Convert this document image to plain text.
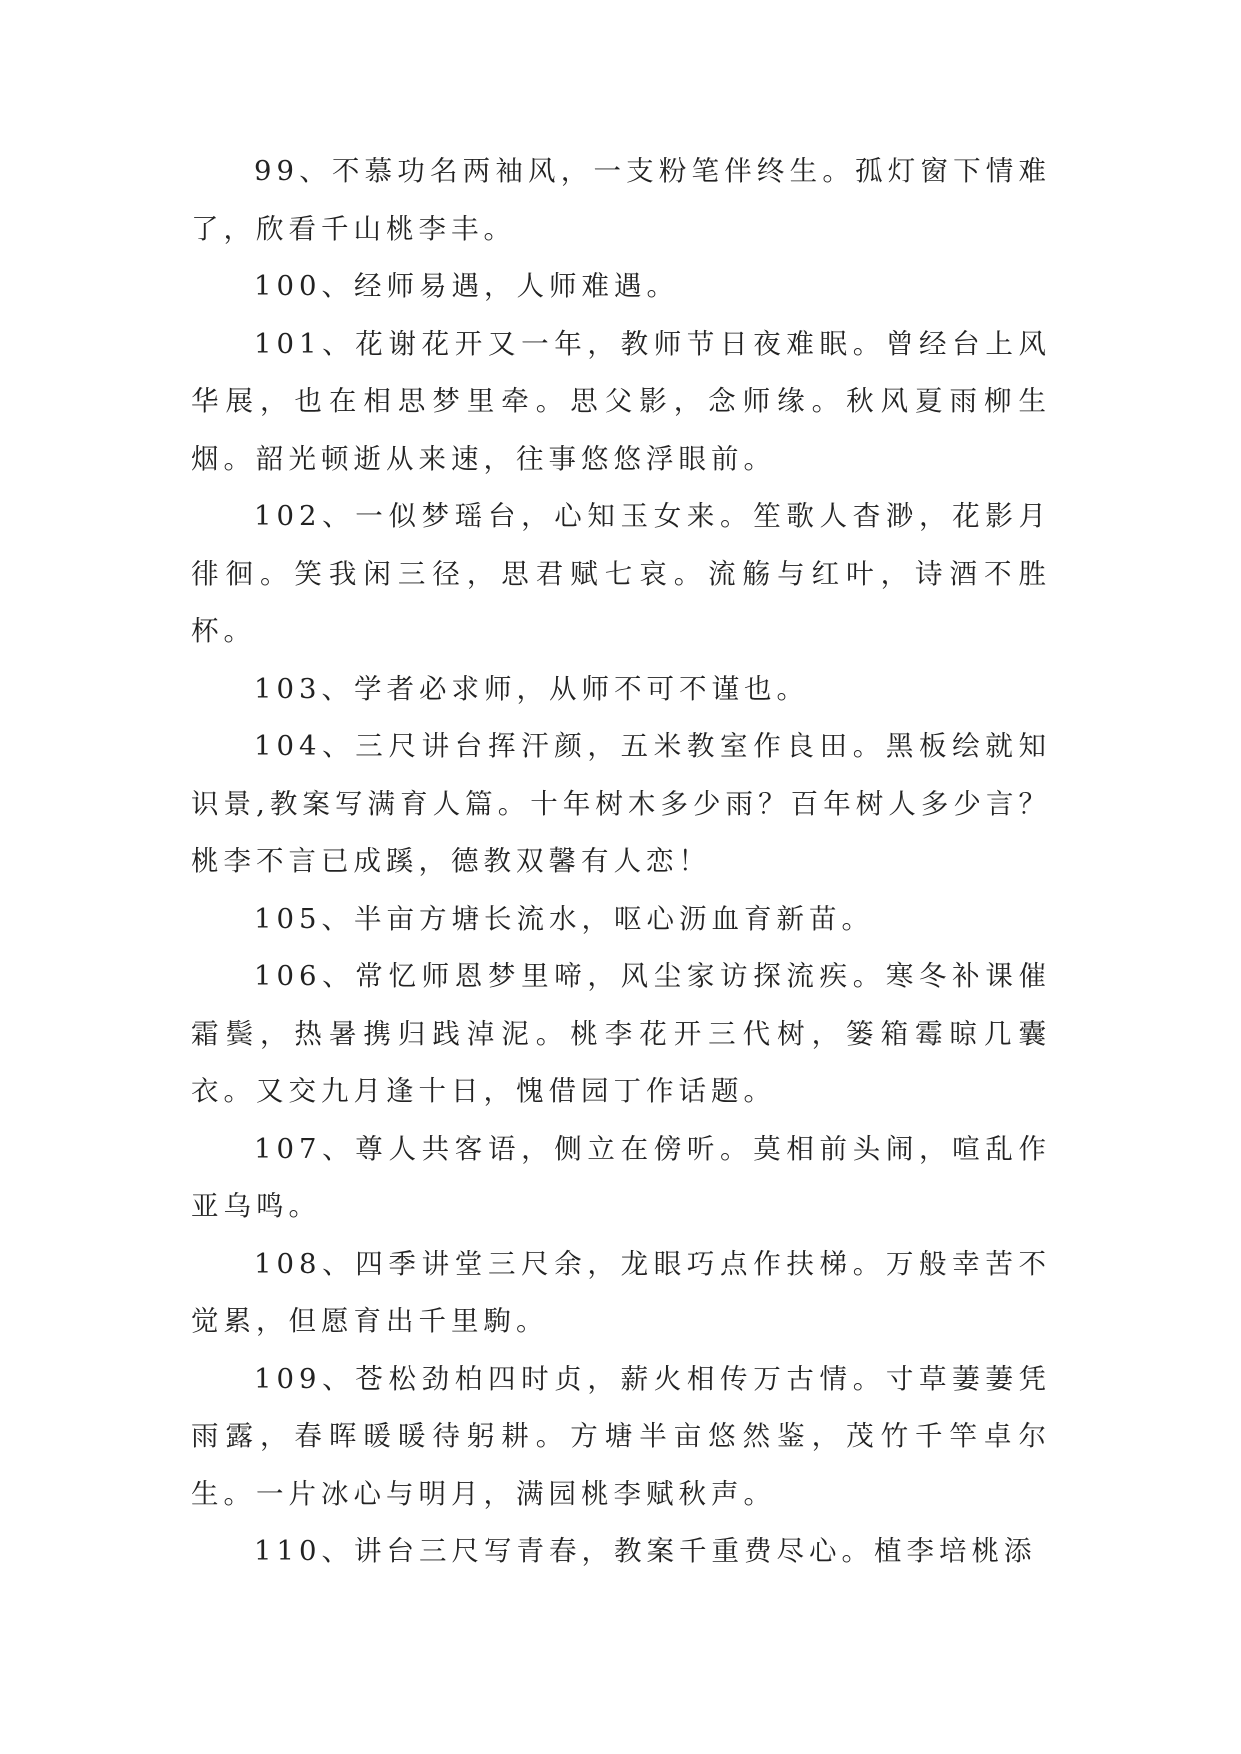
99、不慕功名两袖风，一支粉笔伴终生。孤灯窗下情难了，欣看千山桃李丰。

100、经师易遇，人师难遇。

101、花谢花开又一年，教师节日夜难眠。曾经台上风华展，也在相思梦里牵。思父影，念师缘。秋风夏雨柳生烟。韶光顿逝从来速，往事悠悠浮眼前。

102、一似梦瑶台，心知玉女来。笙歌人杳渺，花影月徘徊。笑我闲三径，思君赋七哀。流觞与红叶，诗酒不胜杯。

103、学者必求师，从师不可不谨也。

104、三尺讲台挥汗颜，五米教室作良田。黑板绘就知识景,教案写满育人篇。十年树木多少雨？百年树人多少言？桃李不言已成蹊，德教双馨有人恋！

105、半亩方塘长流水，呕心沥血育新苗。

106、常忆师恩梦里啼，风尘家访探流疾。寒冬补课催霜鬓，热暑携归践淖泥。桃李花开三代树，篓箱霉晾几囊衣。又交九月逢十日，愧借园丁作话题。

107、尊人共客语，侧立在傍听。莫相前头闹，喧乱作亚乌鸣。

108、四季讲堂三尺余，龙眼巧点作扶梯。万般幸苦不觉累，但愿育出千里駒。

109、苍松劲柏四时贞，薪火相传万古情。寸草萋萋凭雨露，春晖暖暖待躬耕。方塘半亩悠然鉴，茂竹千竿卓尔生。一片冰心与明月，满园桃李赋秋声。

110、讲台三尺写青春，教案千重费尽心。植李培桃添
